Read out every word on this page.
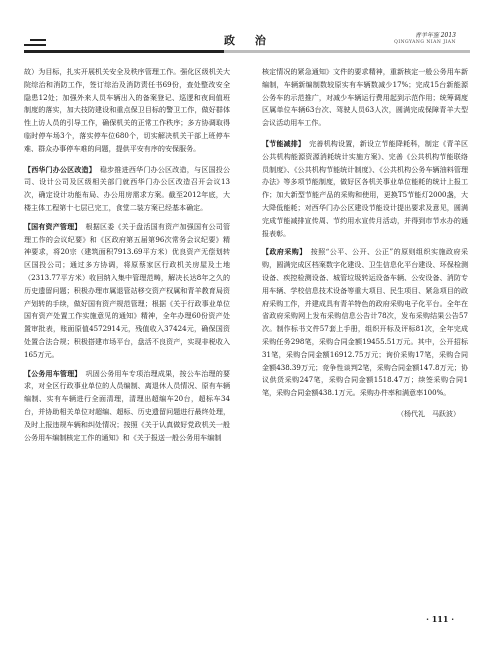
政 治	青羊年鉴 2013
QINGYANG NIAN JIAN

故）为目标，扎实开展机关安全及秩序管理工作。强化区级机关大院综治和消防工作，签订综治及消防责任书69份，查处整改安全隐患12处；加强外来人员车辆出入的备案登记、巡逻和夜间值班制度的落实，加大技防建设和重点保卫目标的警卫工作，做好群体性上访人员的引导工作，确保机关的正常工作秩序；多方协调取得临时停车场3个，落实停车位680个，切实解决机关干部上班停车难、群众办事停车难的问题，提供平安有序的安保服务。

【西华门办公区改造】 稳步推进西华门办公区改造，与区国投公司、设计公司及区级相关部门就西华门办公区改造召开会议13次，确定设计功能布局、办公用房需求方案。截至2012年底，大楼主体工程第十七层已完工，食堂二装方案已经基本确定。

【国有资产管理】 根据区委《关于盘活国有资产加强国有公司管理工作的会议纪要》和《区政府第五届第96次常务会议纪要》精神要求，将20宗（建筑面积7913.69平方米）优良资产无偿划转区国投公司；通过多方协调，将原蔡家区行政机关房屋及土地（2313.77平方米）收回纳入集中管理范畴，解决长达8年之久的历史遗留问题；积极办理市属退管站移交资产权属和青羊教育局资产划转的手续，做好国有资产规范管理；根据《关于行政事业单位国有资产处置工作实施意见的通知》精神，全年办理60份资产处置审批表，账面原值4572914元，残值收入37424元，确保国资处置合法合规；积极搭建市场平台，盘活不良资产，实现非税收入165万元。

【公务用车管理】 巩固公务用车专项治理成果，按公车治理的要求，对全区行政事业单位的人员编制、离退休人员情况、原有车辆编制、实有车辆进行全面清理，清理出超编车20台，超标车34台，并协助相关单位对超编、超标、历史遗留问题进行最终处理，及时上报违规车辆和纠处情况；按照《关于认真做好党政机关一般公务用车编制核定工作的通知》和《关于报送一般公务用车编制

核定情况的紧急通知》文件的要求精神，重新核定一般公务用车新编制，车辆新编制数较原实有车辆数减少17%；完成15台新能源公务车的示范推广，对减少车辆运行费用起到示范作用；统筹调度区属单位车辆63台次、驾驶人员63人次，圆满完成保障青羊大型会议活动用车工作。

【节能减排】 完善机构设置，新设立节能降耗科，制定《青羊区公共机构能源资源消耗统计实施方案》、完善《公共机构节能联络员制度》、《公共机构节能统计制度》、《公共机构公务车辆油料管理办法》等多项节能制度，做好区各机关事业单位能耗的统计上报工作；加大新型节能产品的采购和使用，更换T5节能灯2000盏，大大降低能耗；对西华门办公区建设节能设计提出要求及意见，圆满完成节能减排宣传周、节约用水宣传月活动，并得到市节水办的通报表彰。

【政府采购】 按照“公平、公开、公正”的原则组织实施政府采购，圆满完成区档案数字化建设、卫生信息化平台建设、环保检测设备、疾控检测设备、城管垃圾转运设备车辆、公安设备、消防专用车辆、学校信息技术设备等重大项目、民生项目、紧急项目的政府采购工作，并建成具有青羊特色的政府采购电子化平台。全年在省政府采购网上发布采购信息公告计78次，发布采购结果公告57次。制作标书文件57套上手册，组织开标及评标81次，全年完成采购任务298笔，采购合同金额19455.51万元。其中，公开招标31笔，采购合同金额16912.75万元；询价采购17笔，采购合同金额438.39万元；竞争性谈判2笔，采购合同金额147.8万元；协议供货采购247笔，采购合同金额1518.47万；续签采购合同1笔，采购合同金额438.1万元。采购办件率和满意率100%。

（杨代礼　马跃波）
· 111 ·
